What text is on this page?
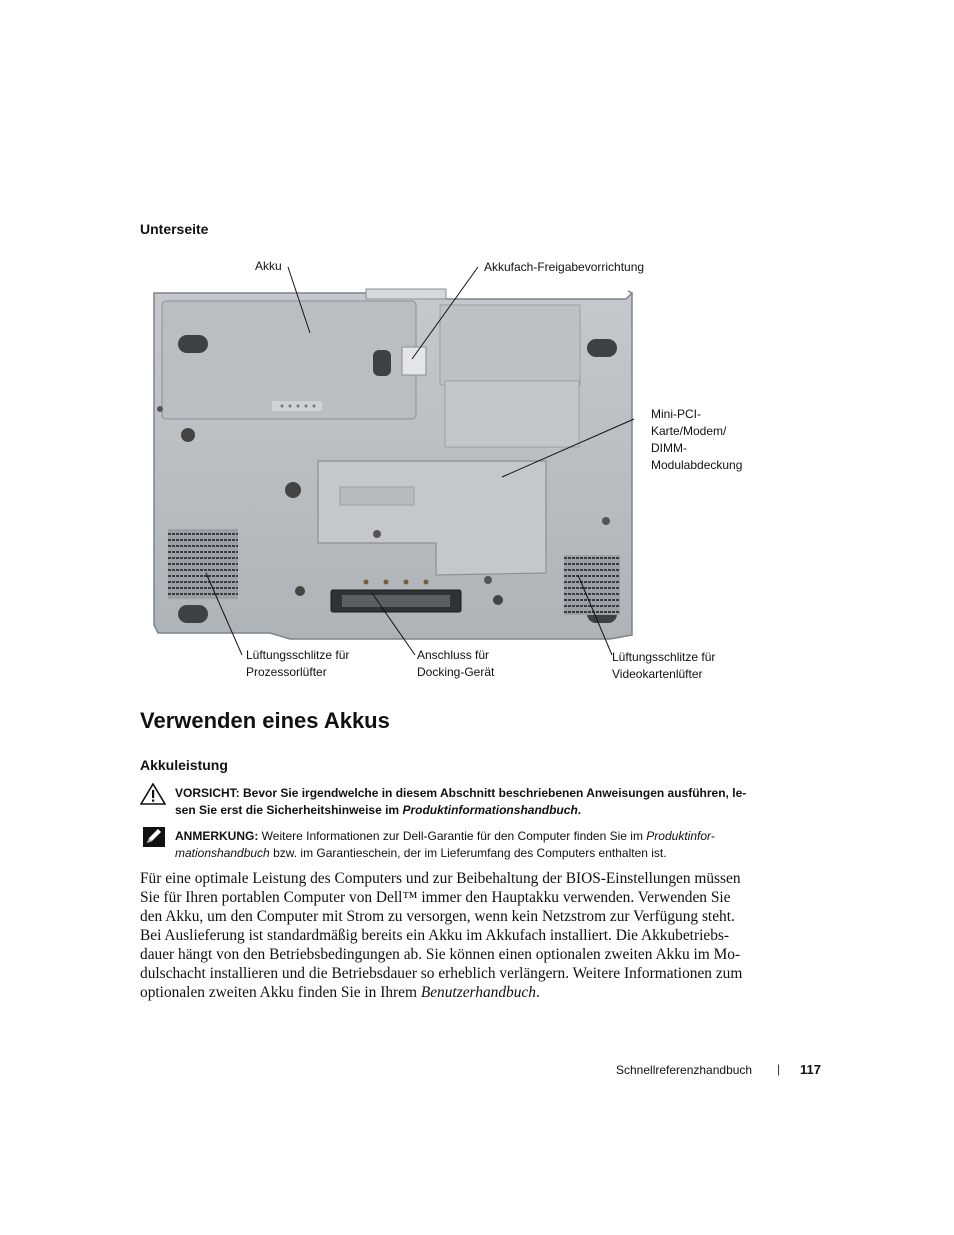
Unterseite
Akku	Akkufach-Freigabevorrichtung
Mini-PCI-
Karte/Modem/
DIMM-
Modulabdeckung
Lüftungsschlitze für
Prozessorlüfter
Anschluss für
Docking-Gerät
Lüftungsschlitze für
Videokartenlüfter
Verwenden eines Akkus
Akkuleistung
VORSICHT: Bevor Sie irgendwelche in diesem Abschnitt beschriebenen Anweisungen ausführen, le-
sen Sie erst die Sicherheitshinweise im Produktinformationshandbuch.
ANMERKUNG: Weitere Informationen zur Dell-Garantie für den Computer finden Sie im Produktinfor-
mationshandbuch bzw. im Garantieschein, der im Lieferumfang des Computers enthalten ist.
Für eine optimale Leistung des Computers und zur Beibehaltung der BIOS-Einstellungen müssen
Sie für Ihren portablen Computer von Dell™ immer den Hauptakku verwenden. Verwenden Sie
den Akku, um den Computer mit Strom zu versorgen, wenn kein Netzstrom zur Verfügung steht.
Bei Auslieferung ist standardmäßig bereits ein Akku im Akkufach installiert. Die Akkubetriebs-
dauer hängt von den Betriebsbedingungen ab. Sie können einen optionalen zweiten Akku im Mo-
dulschacht installieren und die Betriebsdauer so erheblich verlängern. Weitere Informationen zum
optionalen zweiten Akku finden Sie in Ihrem Benutzerhandbuch.
Schnellreferenzhandbuch | 117
